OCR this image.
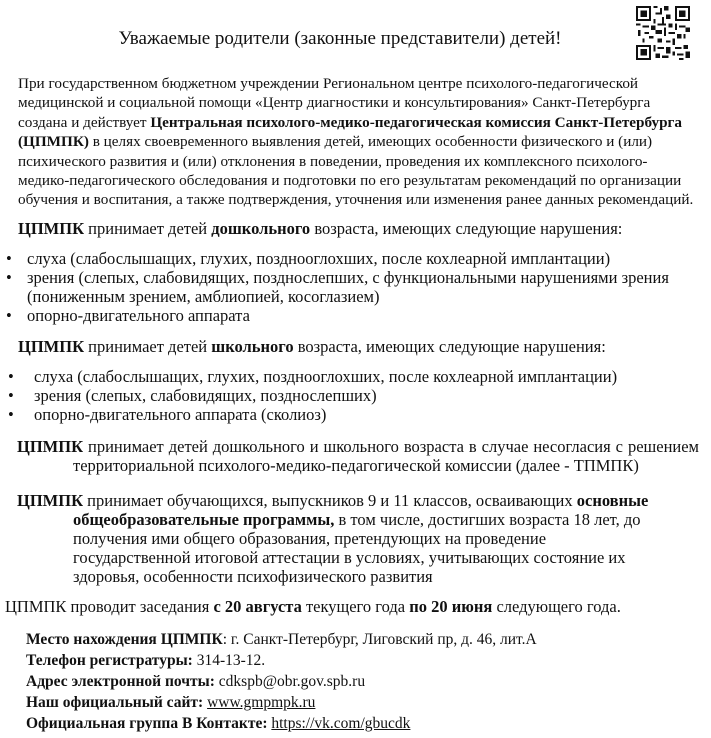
Уважаемые родители (законные представители) детей!
При государственном бюджетном учреждении Региональном центре психолого-педагогической медицинской и социальной помощи «Центр диагностики и консультирования» Санкт-Петербурга создана и действует Центральная психолого-медико-педагогическая комиссия Санкт-Петербурга (ЦПМПК) в целях своевременного выявления детей, имеющих особенности физического и (или) психического развития и (или) отклонения в поведении, проведения их комплексного психолого-медико-педагогического обследования и подготовки по его результатам рекомендаций по организации обучения и воспитания, а также подтверждения, уточнения или изменения ранее данных рекомендаций.
ЦПМПК принимает детей дошкольного возраста, имеющих следующие нарушения:
• слуха (слабослышащих, глухих, позднооглохших, после кохлеарной имплантации)
• зрения (слепых, слабовидящих, позднослепших, с функциональными нарушениями зрения (пониженным зрением, амблиопией, косоглазием)
• опорно-двигательного аппарата
ЦПМПК принимает детей школьного возраста, имеющих следующие нарушения:
• слуха (слабослышащих, глухих, позднооглохших, после кохлеарной имплантации)
• зрения (слепых, слабовидящих, позднослепших)
• опорно-двигательного аппарата (сколиоз)
ЦПМПК принимает детей дошкольного и школьного возраста в случае несогласия с решением территориальной психолого-медико-педагогической комиссии (далее - ТПМПК)
ЦПМПК принимает обучающихся, выпускников 9 и 11 классов, осваивающих основные общеобразовательные программы, в том числе, достигших возраста 18 лет, до получения ими общего образования, претендующих на проведение государственной итоговой аттестации в условиях, учитывающих состояние их здоровья, особенности психофизического развития
ЦПМПК проводит заседания с 20 августа текущего года по 20 июня следующего года.
Место нахождения ЦПМПК: г. Санкт-Петербург, Лиговский пр, д. 46, лит.А
Телефон регистратуры: 314-13-12.
Адрес электронной почты: cdkspb@obr.gov.spb.ru
Наш официальный сайт: www.gmpmpk.ru
Официальная группа В Контакте: https://vk.com/gbucdk
